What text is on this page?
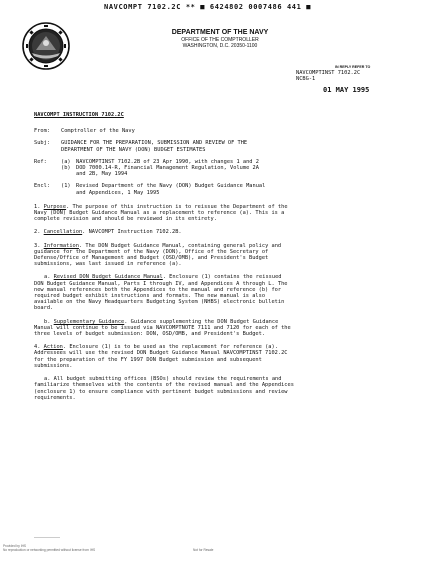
NAVCOMPT 7102.2C ** ■ 6424802 0007486 441 ■
DEPARTMENT OF THE NAVY
OFFICE OF THE COMPTROLLER
WASHINGTON, D.C. 20350-1100
IN REPLY REFER TO
NAVCOMPTINST 7102.2C
NCBG-1
01 MAY 1995
NAVCOMPT INSTRUCTION 7102.2C
From:	Comptroller of the Navy
Subj:	GUIDANCE FOR THE PREPARATION, SUBMISSION AND REVIEW OF THE
DEPARTMENT OF THE NAVY (DON) BUDGET ESTIMATES
Ref:	(a)	NAVCOMPTINST 7102.2B of 23 Apr 1990, with changes 1 and 2
(b)	DOD 7000.14-R, Financial Management Regulation, Volume 2A
and 2B, May 1994
Encl:	(1)	Revised Department of the Navy (DON) Budget Guidance Manual
and Appendices, 1 May 1995
1. Purpose. The purpose of this instruction is to reissue the Department of the
Navy (DON) Budget Guidance Manual as a replacement to reference (a). This is a
complete revision and should be reviewed in its entirety.
2. Cancellation. NAVCOMPT Instruction 7102.2B.
3. Information. The DON Budget Guidance Manual, containing general policy and
guidance for the Department of the Navy (DON), Office of the Secretary of
Defense/Office of Management and Budget (OSD/OMB), and President's Budget
submissions, was last issued in reference (a).
a. Revised DON Budget Guidance Manual. Enclosure (1) contains the reissued
DON Budget Guidance Manual, Parts I through IV, and Appendices A through L. The
new manual references both the Appendices to the manual and reference (b) for
required budget exhibit instructions and formats. The new manual is also
available on the Navy Headquarters Budgeting System (NHBS) electronic bulletin
board.
b. Supplementary Guidance. Guidance supplementing the DON Budget Guidance
Manual will continue to be issued via NAVCOMPTNOTE 7111 and 7120 for each of the
three levels of budget submission: DON, OSD/OMB, and President's Budget.
4. Action. Enclosure (1) is to be used as the replacement for reference (a).
Addressees will use the revised DON Budget Guidance Manual NAVCOMPTINST 7102.2C
for the preparation of the FY 1997 DON Budget submission and subsequent
submissions.
a. All budget submitting offices (BSOs) should review the requirements and
familiarize themselves with the contents of the revised manual and the Appendices
(enclosure 1) to ensure compliance with pertinent budget submissions and review
requirements.
Provided by IHS
No reproduction or networking permitted without license from IHS	Not for Resale
